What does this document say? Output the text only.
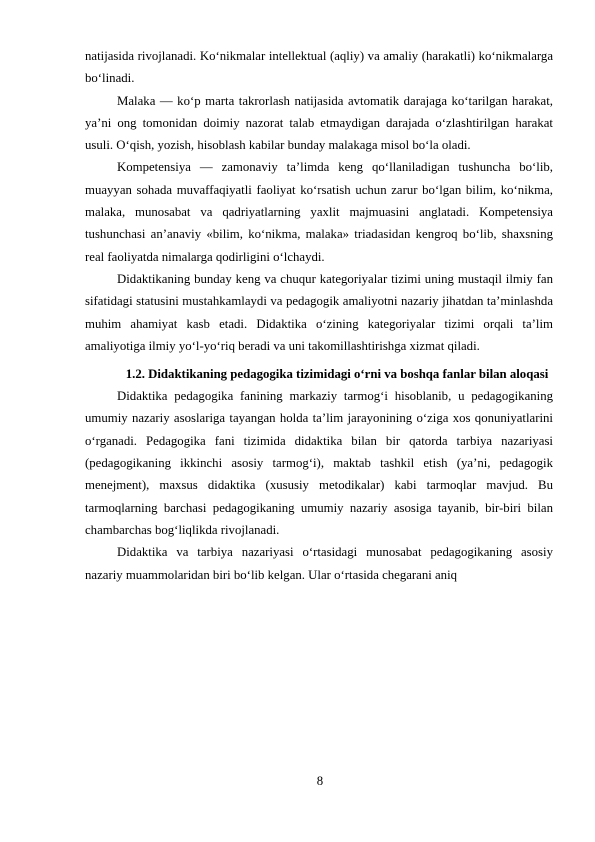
natijasida rivojlanadi. Ko‘nikmalar intellektual (aqliy) va amaliy (harakatli) ko‘nikmalarga bo‘linadi.

Malaka — ko‘p marta takrorlash natijasida avtomatik darajaga ko‘tarilgan harakat, ya’ni ong tomonidan doimiy nazorat talab etmaydigan darajada o‘zlashtirilgan harakat usuli. O‘qish, yozish, hisoblash kabilar bunday malakaga misol bo‘la oladi.

Kompetensiya — zamonaviy ta’limda keng qo‘llaniladigan tushuncha bo‘lib, muayyan sohada muvaffaqiyatli faoliyat ko‘rsatish uchun zarur bo‘lgan bilim, ko‘nikma, malaka, munosabat va qadriyatlarning yaxlit majmuasini anglatadi. Kompetensiya tushunchasi an’anaviy «bilim, ko‘nikma, malaka» triadasidan kengroq bo‘lib, shaxsning real faoliyatda nimalarga qodirligini o‘lchaydi.

Didaktikaning bunday keng va chuqur kategoriyalar tizimi uning mustaqil ilmiy fan sifatidagi statusini mustahkamlaydi va pedagogik amaliyotni nazariy jihatdan ta’minlashda muhim ahamiyat kasb etadi. Didaktika o‘zining kategoriyalar tizimi orqali ta’lim amaliyotiga ilmiy yo‘l-yo‘riq beradi va uni takomillashtirishga xizmat qiladi.

1.2. Didaktikaning pedagogika tizimidagi o‘rni va boshqa fanlar bilan aloqasi

Didaktika pedagogika fanining markaziy tarmog‘i hisoblanib, u pedagogikaning umumiy nazariy asoslariga tayangan holda ta’lim jarayonining o‘ziga xos qonuniyatlarini o‘rganadi. Pedagogika fani tizimida didaktika bilan bir qatorda tarbiya nazariyasi (pedagogikaning ikkinchi asosiy tarmog‘i), maktab tashkil etish (ya’ni, pedagogik menejment), maxsus didaktika (xususiy metodikalar) kabi tarmoqlar mavjud. Bu tarmoqlarning barchasi pedagogikaning umumiy nazariy asosiga tayanib, bir-biri bilan chambarchas bog‘liqlikda rivojlanadi.

Didaktika va tarbiya nazariyasi o‘rtasidagi munosabat pedagogikaning asosiy nazariy muammolaridan biri bo‘lib kelgan. Ular o‘rtasida chegarani aniq

8
